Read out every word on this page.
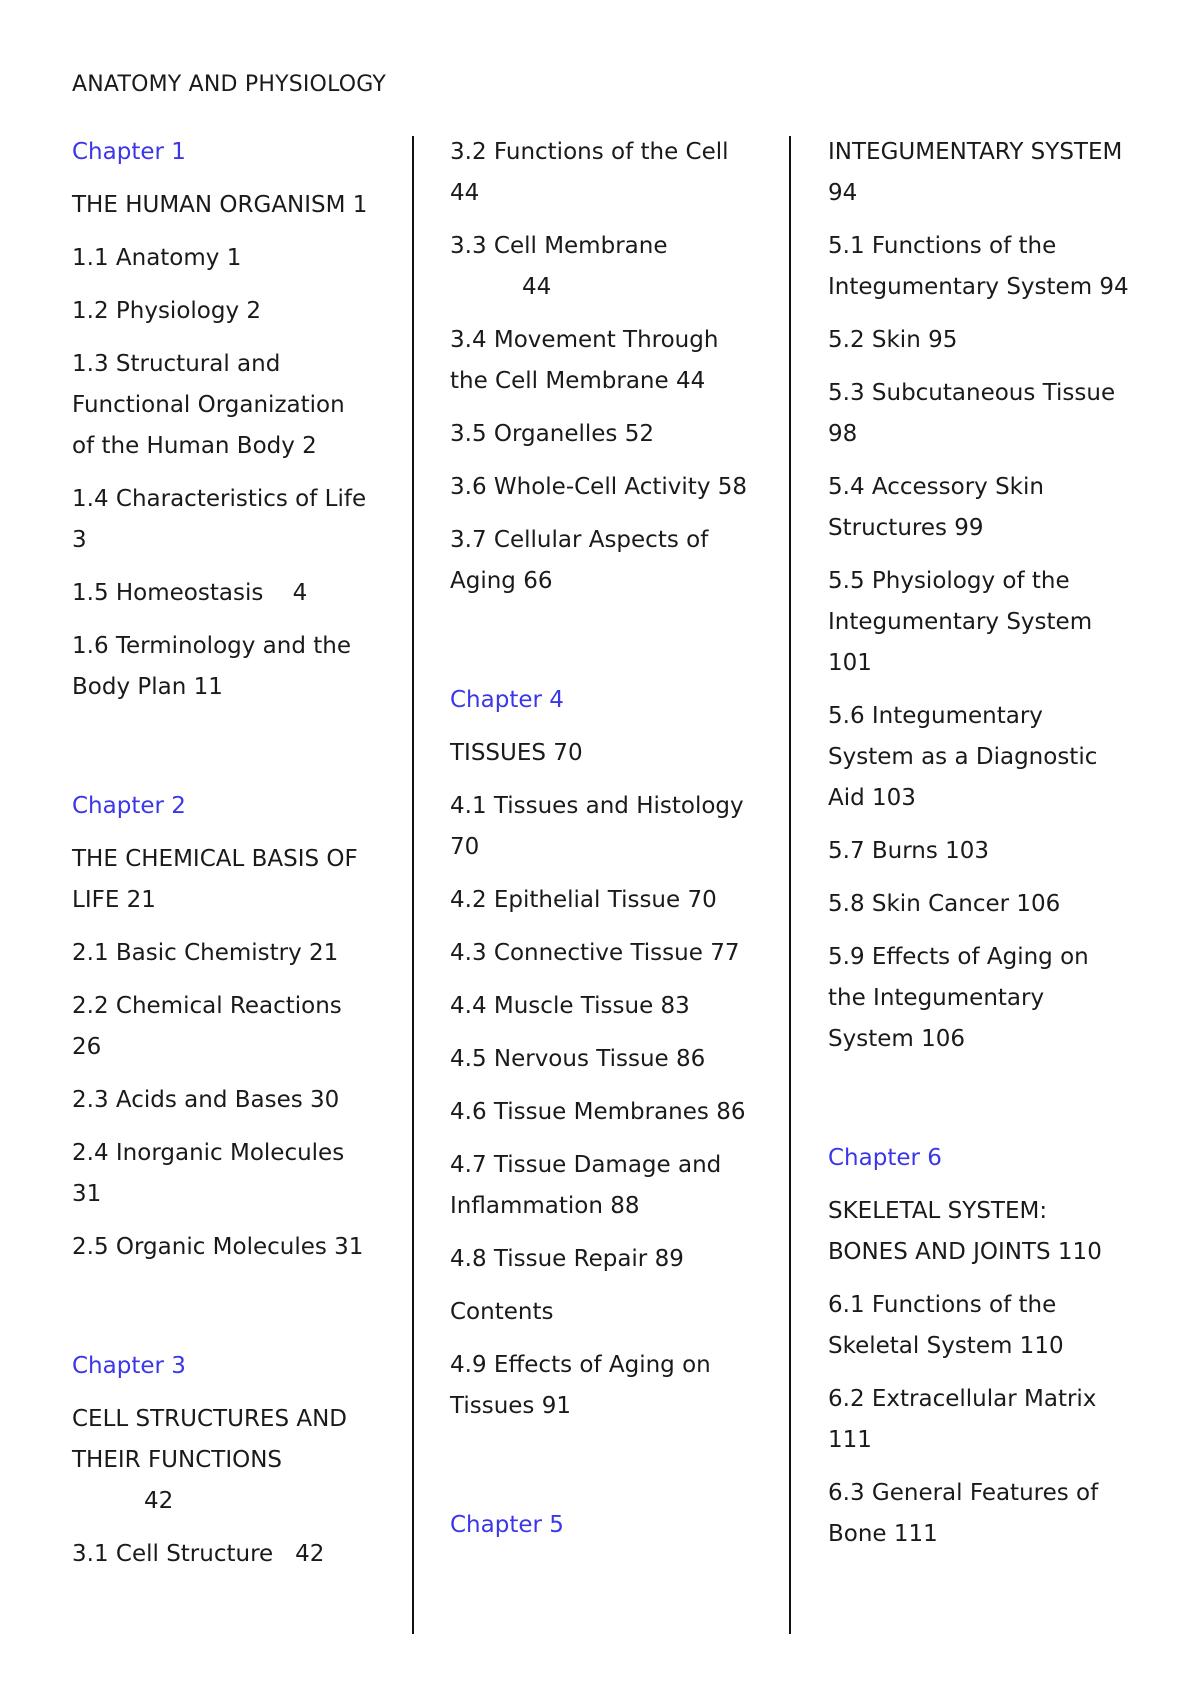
ANATOMY AND PHYSIOLOGY
Chapter 1
THE HUMAN ORGANISM 1
1.1 Anatomy 1
1.2 Physiology 2
1.3 Structural and Functional Organization of the Human Body 2
1.4 Characteristics of Life 3
1.5 Homeostasis    4
1.6 Terminology and the Body Plan 11
Chapter 2
THE CHEMICAL BASIS OF LIFE 21
2.1 Basic Chemistry 21
2.2 Chemical Reactions 26
2.3 Acids and Bases 30
2.4 Inorganic Molecules 31
2.5 Organic Molecules 31
Chapter 3
CELL STRUCTURES AND THEIR FUNCTIONS
42
3.1 Cell Structure   42
3.2 Functions of the Cell 44
3.3 Cell Membrane
44
3.4 Movement Through the Cell Membrane 44
3.5 Organelles 52
3.6 Whole-Cell Activity 58
3.7 Cellular Aspects of Aging 66
Chapter 4
TISSUES 70
4.1 Tissues and Histology 70
4.2 Epithelial Tissue 70
4.3 Connective Tissue 77
4.4 Muscle Tissue 83
4.5 Nervous Tissue 86
4.6 Tissue Membranes 86
4.7 Tissue Damage and Inflammation 88
4.8 Tissue Repair 89
Contents
4.9 Effects of Aging on Tissues 91
Chapter 5
INTEGUMENTARY SYSTEM 94
5.1 Functions of the Integumentary System 94
5.2 Skin 95
5.3 Subcutaneous Tissue 98
5.4 Accessory Skin Structures 99
5.5 Physiology of the Integumentary System 101
5.6 Integumentary System as a Diagnostic Aid 103
5.7 Burns 103
5.8 Skin Cancer 106
5.9 Effects of Aging on the Integumentary System 106
Chapter 6
SKELETAL SYSTEM: BONES AND JOINTS 110
6.1 Functions of the Skeletal System 110
6.2 Extracellular Matrix 111
6.3 General Features of Bone 111
